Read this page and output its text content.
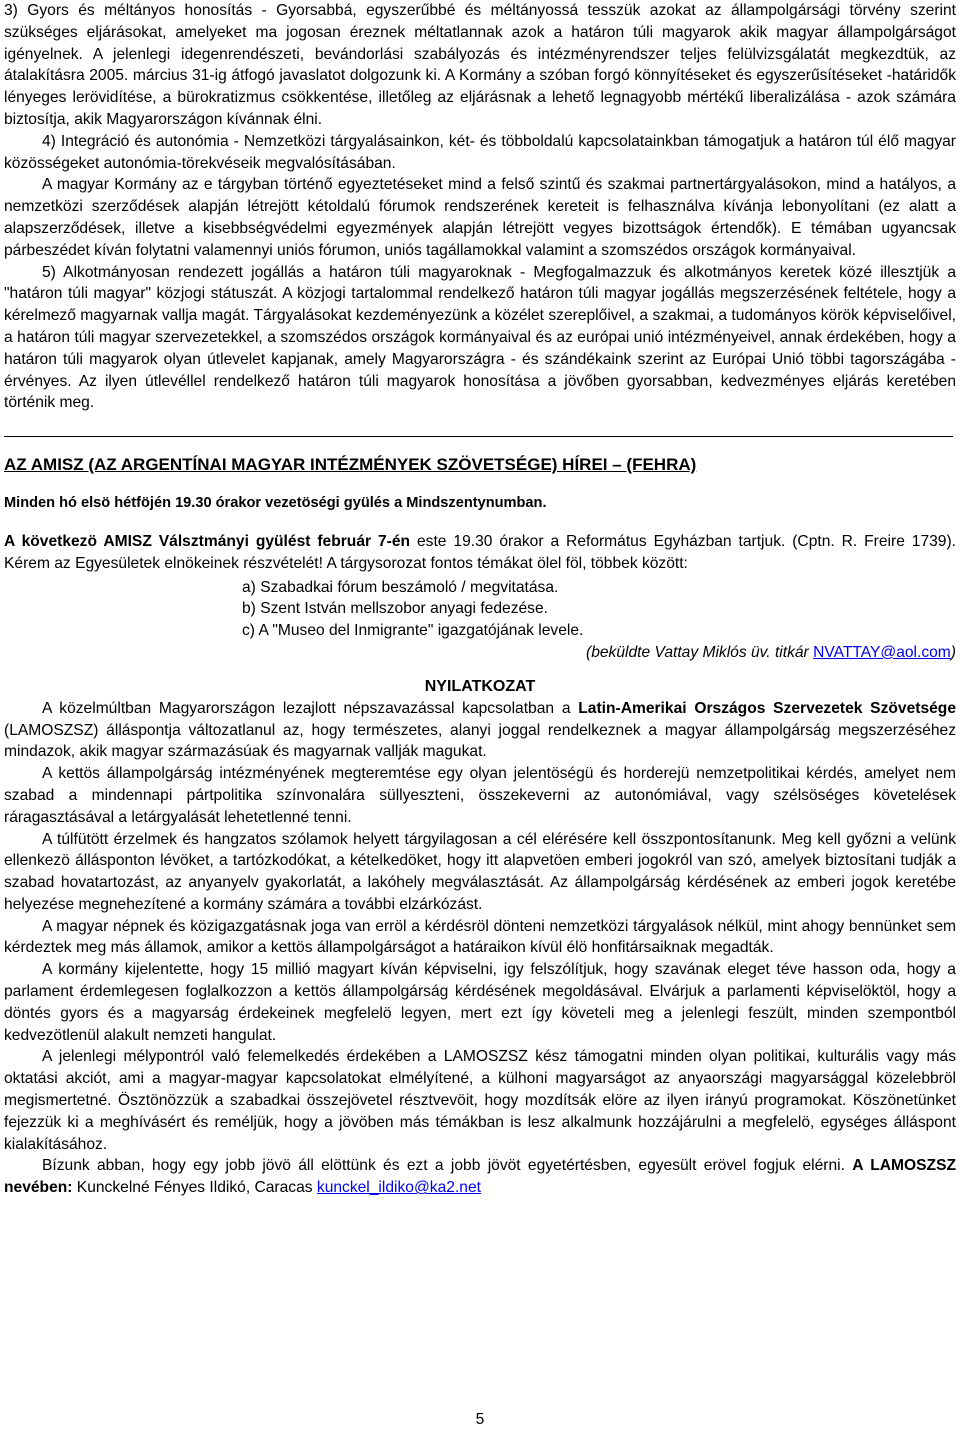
3) Gyors és méltányos honosítás - Gyorsabbá, egyszerűbbé és méltányossá tesszük azokat az állampolgársági törvény szerint szükséges eljárásokat, amelyeket ma jogosan éreznek méltatlannak azok a határon túli magyarok akik magyar állampolgárságot igényelnek. A jelenlegi idegenrendészeti, bevándorlási szabályozás és intézményrendszer teljes felülvizsgálatát megkezdtük, az átalakításra 2005. március 31-ig átfogó javaslatot dolgozunk ki. A Kormány a szóban forgó könnyítéseket és egyszerűsítéseket -határidők lényeges lerövidítése, a bürokratizmus csökkentése, illetőleg az eljárásnak a lehető legnagyobb mértékű liberalizálása - azok számára biztosítja, akik Magyarországon kívánnak élni.

4) Integráció és autonómia - Nemzetközi tárgyalásainkon, két- és többoldalú kapcsolatainkban támogatjuk a határon túl élő magyar közösségeket autonómia-törekvéseik megvalósításában.

A magyar Kormány az e tárgyban történő egyeztetéseket mind a felső szintű és szakmai partnertárgyalásokon, mind a hatályos, a nemzetközi szerződések alapján létrejött kétoldalú fórumok rendszerének kereteit is felhasználva kívánja lebonyolítani (ez alatt a alapszerződések, illetve a kisebbségvédelmi egyezmények alapján létrejött vegyes bizottságok értendők). E témában ugyancsak párbeszédet kíván folytatni valamennyi uniós fórumon, uniós tagállamokkal valamint a szomszédos országok kormányaival.

5) Alkotmányosan rendezett jogállás a határon túli magyaroknak - Megfogalmazzuk és alkotmányos keretek közé illesztjük a "határon túli magyar" közjogi státuszát. A közjogi tartalommal rendelkező határon túli magyar jogállás megszerzésének feltétele, hogy a kérelmező magyarnak vallja magát. Tárgyalásokat kezdeményezünk a közélet szereplőivel, a szakmai, a tudományos körök képviselőivel, a határon túli magyar szervezetekkel, a szomszédos országok kormányaival és az európai unió intézményeivel, annak érdekében, hogy a határon túli magyarok olyan útlevelet kapjanak, amely Magyarországra - és szándékaink szerint az Európai Unió többi tagországába - érvényes. Az ilyen útlevéllel rendelkező határon túli magyarok honosítása a jövőben gyorsabban, kedvezményes eljárás keretében történik meg.

AZ AMISZ (AZ ARGENTÍNAI MAGYAR INTÉZMÉNYEK SZÖVETSÉGE) HÍREI – (FEHRA)

Minden hó elsö hétföjén 19.30 órakor vezetöségi gyülés a Mindszentynumban.

A következö AMISZ Válsztmányi gyülést február 7-én este 19.30 órakor a Református Egyházban tartjuk. (Cptn. R. Freire 1739). Kérem az Egyesületek elnökeinek részvételét! A tárgysorozat fontos témákat ölel föl, többek között:

a) Szabadkai fórum beszámoló / megvitatása.
b) Szent István mellszobor anyagi fedezése.
c) A "Museo del Inmigrante" igazgatójának levele.
(beküldte Vattay Miklós üv. titkár NVATTAY@aol.com)
NYILATKOZAT

A közelmúltban Magyarországon lezajlott népszavazással kapcsolatban a Latin-Amerikai Országos Szervezetek Szövetsége (LAMOSZSZ) álláspontja változatlanul az, hogy természetes, alanyi joggal rendelkeznek a magyar állampolgárság megszerzéséhez mindazok, akik magyar származásúak és magyarnak vallják magukat.

A kettös állampolgárság intézményének megteremtése egy olyan jelentöségü és horderejü nemzetpolitikai kérdés, amelyet nem szabad a mindennapi pártpolitika színvonalára süllyeszteni, összekeverni az autonómiával, vagy szélsöséges követelések ráragasztásával a letárgyalását lehetetlenné tenni.

A túlfütött érzelmek és hangzatos szólamok helyett tárgyilagosan a cél elérésére kell összpontosítanunk. Meg kell győzni a velünk ellenkezö állásponton lévöket, a tartózkodókat, a kételkedöket, hogy itt alapvetöen emberi jogokról van szó, amelyek biztosítani tudják a szabad hovatartozást, az anyanyelv gyakorlatát, a lakóhely megválasztását. Az állampolgárság kérdésének az emberi jogok keretébe helyezése megnehezítené a kormány számára a további elzárkózást.

A magyar népnek és közigazgatásnak joga van erröl a kérdésröl dönteni nemzetközi tárgyalások nélkül, mint ahogy bennünket sem kérdeztek meg más államok, amikor a kettös állampolgárságot a határaikon kívül élö honfitársaiknak megadták.

A kormány kijelentette, hogy 15 millió magyart kíván képviselni, igy felszólítjuk, hogy szavának eleget téve hasson oda, hogy a parlament érdemlegesen foglalkozzon a kettös állampolgárság kérdésének megoldásával. Elvárjuk a parlamenti képviselöktöl, hogy a döntés gyors és a magyarság érdekeinek megfelelö legyen, mert ezt így követeli meg a jelenlegi feszült, minden szempontból kedvezötlenül alakult nemzeti hangulat.

A jelenlegi mélypontról való felemelkedés érdekében a LAMOSZSZ kész támogatni minden olyan politikai, kulturális vagy más oktatási akciót, ami a magyar-magyar kapcsolatokat elmélyítené, a külhoni magyarságot az anyaországi magyarsággal közelebbröl megismertetné. Ösztönözzük a szabadkai összejövetel résztvevöit, hogy mozdítsák elöre az ilyen irányú programokat. Köszönetünket fejezzük ki a meghívásért és reméljük, hogy a jövöben más témákban is lesz alkalmunk hozzájárulni a megfelelö, egységes álláspont kialakításához.

Bízunk abban, hogy egy jobb jövö áll elöttünk és ezt a jobb jövöt egyetértésben, egyesült erövel fogjuk elérni. A LAMOSZSZ nevében: Kunckelné Fényes Ildikó, Caracas kunckel_ildiko@ka2.net

5
